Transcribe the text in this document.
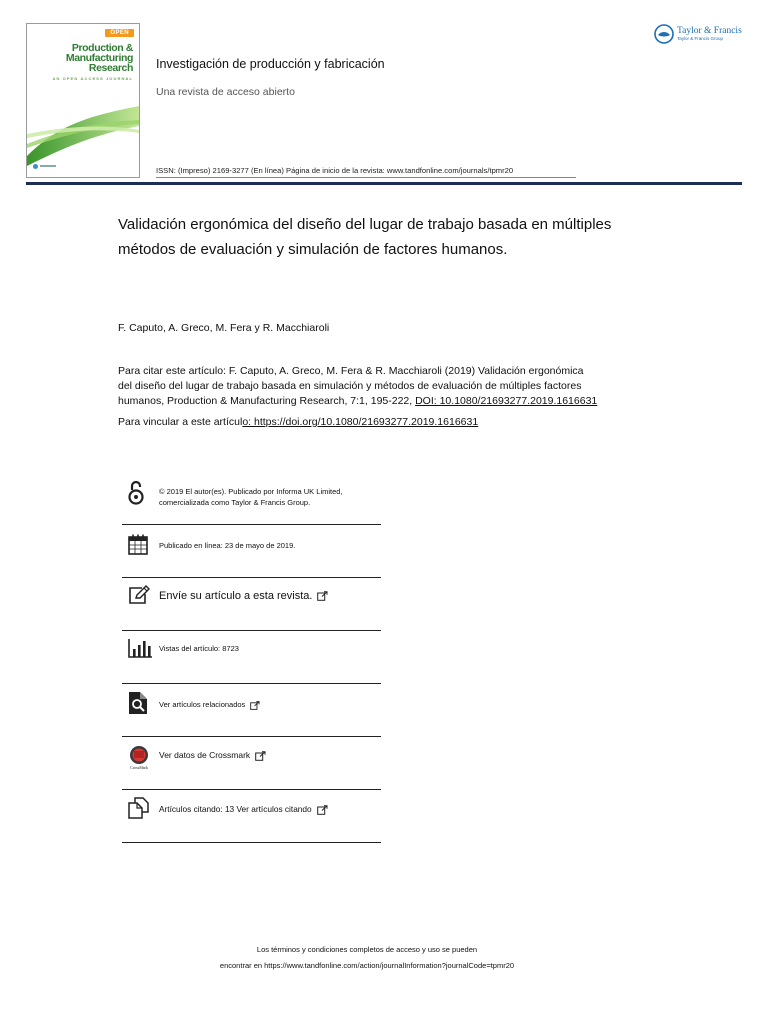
OPEN
Production &
Manufacturing
Research
AN OPEN ACCESS JOURNAL
Investigación de producción y fabricación
Una revista de acceso abierto
ISSN: (Impreso) 2169-3277 (En línea) Página de inicio de la revista: www.tandfonline.com/journals/tpmr20
Taylor & Francis
Taylor & Francis Group
Validación ergonómica del diseño del lugar de trabajo basada en múltiples
métodos de evaluación y simulación de factores humanos.
F. Caputo, A. Greco, M. Fera y R. Macchiaroli
Para citar este artículo: F. Caputo, A. Greco, M. Fera & R. Macchiaroli (2019) Validación ergonómica
del diseño del lugar de trabajo basada en simulación y métodos de evaluación de múltiples factores
humanos, Production & Manufacturing Research, 7:1, 195-222, DOI: 10.1080/21693277.2019.1616631
Para vincular a este artículo: https://doi.org/10.1080/21693277.2019.1616631
© 2019 El autor(es). Publicado por Informa UK Limited,
comercializada como Taylor & Francis Group.
Publicado en línea: 23 de mayo de 2019.
Envíe su artículo a esta revista.
Vistas del artículo: 8723
Ver artículos relacionados
CrossMark
Ver datos de Crossmark
Artículos citando: 13 Ver artículos citando
Los términos y condiciones completos de acceso y uso se pueden
encontrar en https://www.tandfonline.com/action/journalInformation?journalCode=tpmr20
